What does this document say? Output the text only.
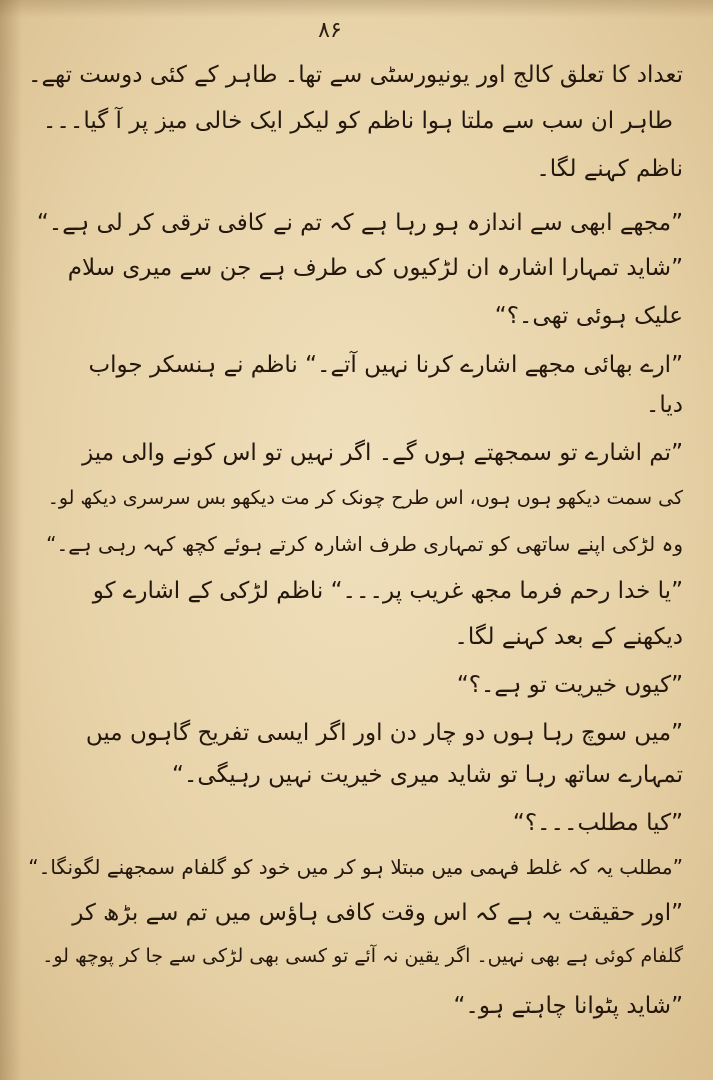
۸۶
تعداد کا تعلق کالج اور یونیورسٹی سے تھا۔ طاہر کے کئی دوست تھے۔
طاہر ان سب سے ملتا ہوا ناظم کو لیکر ایک خالی میز پر آ گیا۔۔۔
ناظم کہنے لگا۔
”مجھے ابھی سے اندازہ ہو رہا ہے کہ تم نے کافی ترقی کر لی ہے۔“
”شاید تمہارا اشارہ ان لڑکیوں کی طرف ہے جن سے میری سلام
علیک ہوئی تھی۔؟“
”ارے بھائی مجھے اشارے کرنا نہیں آتے۔“ ناظم نے ہنسکر جواب
دیا۔
”تم اشارے تو سمجھتے ہوں گے۔ اگر نہیں تو اس کونے والی میز
کی سمت دیکھو ہوں ہوں، اس طرح چونک کر مت دیکھو بس سرسری دیکھ لو۔
وہ لڑکی اپنے ساتھی کو تمہاری طرف اشارہ کرتے ہوئے کچھ کہہ رہی ہے۔“
”یا خدا رحم فرما مجھ غریب پر۔۔۔“ ناظم لڑکی کے اشارے کو
دیکھنے کے بعد کہنے لگا۔
”کیوں خیریت تو ہے۔؟“
”میں سوچ رہا ہوں دو چار دن اور اگر ایسی تفریح گاہوں میں
تمہارے ساتھ رہا تو شاید میری خیریت نہیں رہیگی۔“
”کیا مطلب۔۔۔؟“
”مطلب یہ کہ غلط فہمی میں مبتلا ہو کر میں خود کو گلفام سمجھنے لگونگا۔“
”اور حقیقت یہ ہے کہ اس وقت کافی ہاؤس میں تم سے بڑھ کر
گلفام کوئی ہے بھی نہیں۔ اگر یقین نہ آئے تو کسی بھی لڑکی سے جا کر پوچھ لو۔
”شاید پٹوانا چاہتے ہو۔“
